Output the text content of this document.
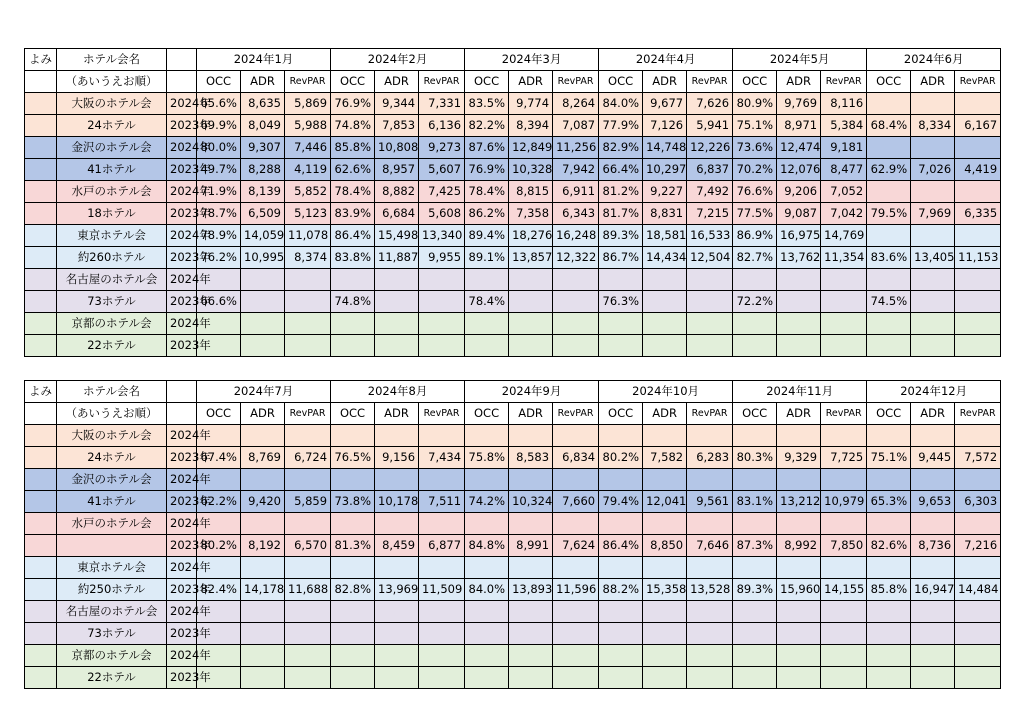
よみ	ホテル会名		2024年1月			2024年2月			2024年3月			2024年4月			2024年5月			2024年6月		
	（あいうえお順）		OCC	ADR	RevPAR	OCC	ADR	RevPAR	OCC	ADR	RevPAR	OCC	ADR	RevPAR	OCC	ADR	RevPAR	OCC	ADR	RevPAR
	大阪のホテル会	2024年	65.6%	8,635	5,869	76.9%	9,344	7,331	83.5%	9,774	8,264	84.0%	9,677	7,626	80.9%	9,769	8,116			
	24ホテル	2023年	69.9%	8,049	5,988	74.8%	7,853	6,136	82.2%	8,394	7,087	77.9%	7,126	5,941	75.1%	8,971	5,384	68.4%	8,334	6,167
	金沢のホテル会	2024年	80.0%	9,307	7,446	85.8%	10,808	9,273	87.6%	12,849	11,256	82.9%	14,748	12,226	73.6%	12,474	9,181			
	41ホテル	2023年	49.7%	8,288	4,119	62.6%	8,957	5,607	76.9%	10,328	7,942	66.4%	10,297	6,837	70.2%	12,076	8,477	62.9%	7,026	4,419
	水戸のホテル会	2024年	71.9%	8,139	5,852	78.4%	8,882	7,425	78.4%	8,815	6,911	81.2%	9,227	7,492	76.6%	9,206	7,052			
	18ホテル	2023年	78.7%	6,509	5,123	83.9%	6,684	5,608	86.2%	7,358	6,343	81.7%	8,831	7,215	77.5%	9,087	7,042	79.5%	7,969	6,335
	東京ホテル会	2024年	78.9%	14,059	11,078	86.4%	15,498	13,340	89.4%	18,276	16,248	89.3%	18,581	16,533	86.9%	16,975	14,769			
	約260ホテル	2023年	76.2%	10,995	8,374	83.8%	11,887	9,955	89.1%	13,857	12,322	86.7%	14,434	12,504	82.7%	13,762	11,354	83.6%	13,405	11,153
	名古屋のホテル会	2024年																		
	73ホテル	2023年	66.6%			74.8%			78.4%			76.3%			72.2%			74.5%		
	京都のホテル会	2024年																		
	22ホテル	2023年																		
よみ	ホテル会名		2024年7月			2024年8月			2024年9月			2024年10月			2024年11月			2024年12月		
	（あいうえお順）		OCC	ADR	RevPAR	OCC	ADR	RevPAR	OCC	ADR	RevPAR	OCC	ADR	RevPAR	OCC	ADR	RevPAR	OCC	ADR	RevPAR
	大阪のホテル会	2024年																		
	24ホテル	2023年	67.4%	8,769	6,724	76.5%	9,156	7,434	75.8%	8,583	6,834	80.2%	7,582	6,283	80.3%	9,329	7,725	75.1%	9,445	7,572
	金沢のホテル会	2024年																		
	41ホテル	2023年	62.2%	9,420	5,859	73.8%	10,178	7,511	74.2%	10,324	7,660	79.4%	12,041	9,561	83.1%	13,212	10,979	65.3%	9,653	6,303
	水戸のホテル会	2024年																		
		2023年	80.2%	8,192	6,570	81.3%	8,459	6,877	84.8%	8,991	7,624	86.4%	8,850	7,646	87.3%	8,992	7,850	82.6%	8,736	7,216
	東京ホテル会	2024年																		
	約250ホテル	2023年	82.4%	14,178	11,688	82.8%	13,969	11,509	84.0%	13,893	11,596	88.2%	15,358	13,528	89.3%	15,960	14,155	85.8%	16,947	14,484
	名古屋のホテル会	2024年																		
	73ホテル	2023年																		
	京都のホテル会	2024年																		
	22ホテル	2023年																		
